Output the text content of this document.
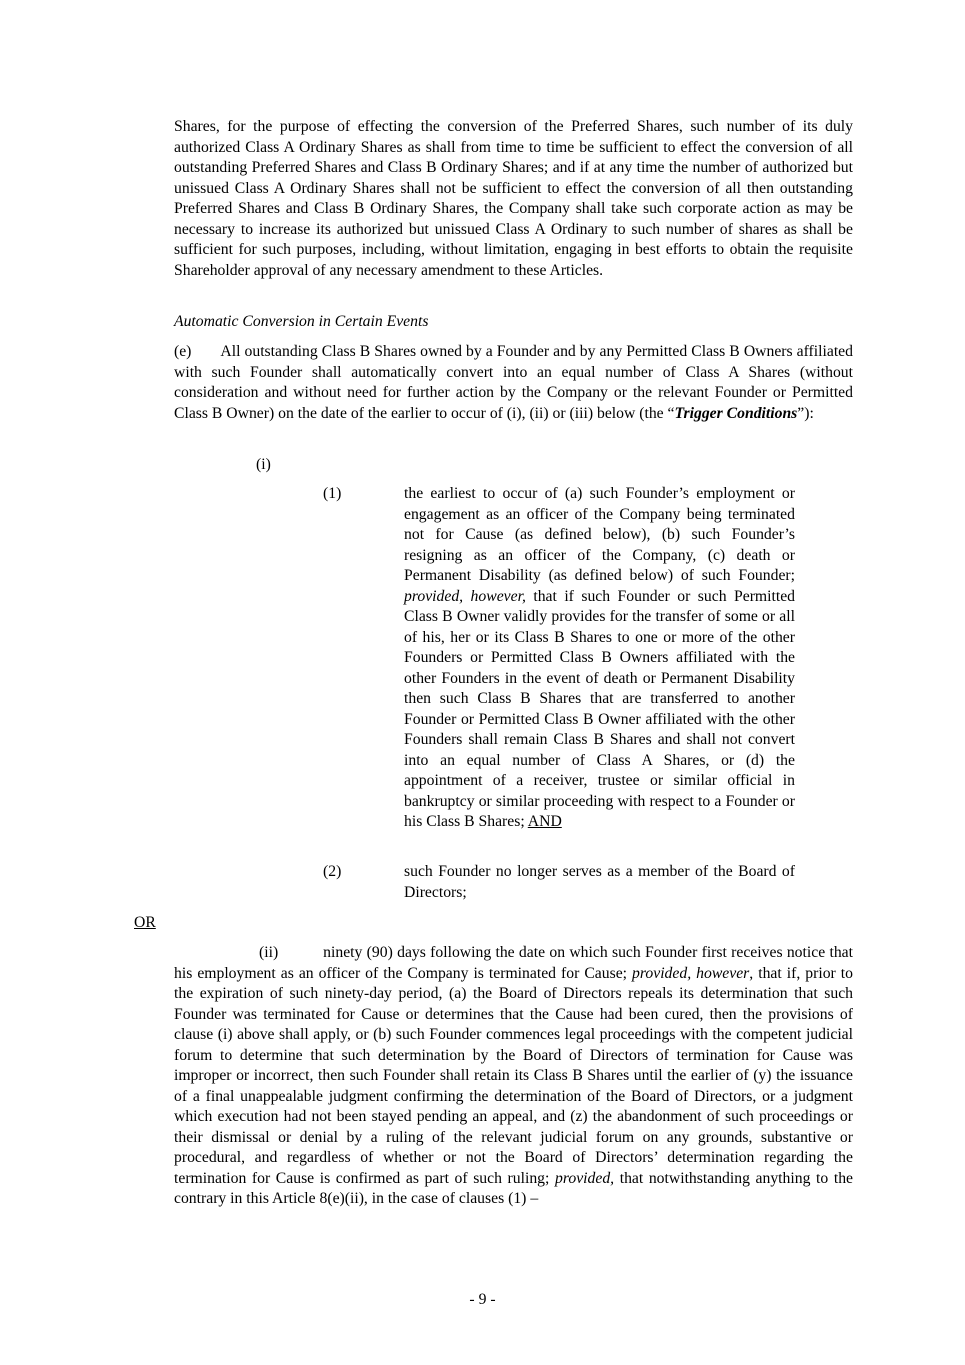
Shares, for the purpose of effecting the conversion of the Preferred Shares, such number of its duly authorized Class A Ordinary Shares as shall from time to time be sufficient to effect the conversion of all outstanding Preferred Shares and Class B Ordinary Shares; and if at any time the number of authorized but unissued Class A Ordinary Shares shall not be sufficient to effect the conversion of all then outstanding Preferred Shares and Class B Ordinary Shares, the Company shall take such corporate action as may be necessary to increase its authorized but unissued Class A Ordinary to such number of shares as shall be sufficient for such purposes, including, without limitation, engaging in best efforts to obtain the requisite Shareholder approval of any necessary amendment to these Articles.

Automatic Conversion in Certain Events

(e) All outstanding Class B Shares owned by a Founder and by any Permitted Class B Owners affiliated with such Founder shall automatically convert into an equal number of Class A Shares (without consideration and without need for further action by the Company or the relevant Founder or Permitted Class B Owner) on the date of the earlier to occur of (i), (ii) or (iii) below (the “Trigger Conditions”):

(i)
(1)	the earliest to occur of (a) such Founder’s employment or engagement as an officer of the Company being terminated not for Cause (as defined below), (b) such Founder’s resigning as an officer of the Company, (c) death or Permanent Disability (as defined below) of such Founder; provided, however, that if such Founder or such Permitted Class B Owner validly provides for the transfer of some or all of his, her or its Class B Shares to one or more of the other Founders or Permitted Class B Owners affiliated with the other Founders in the event of death or Permanent Disability then such Class B Shares that are transferred to another Founder or Permitted Class B Owner affiliated with the other Founders shall remain Class B Shares and shall not convert into an equal number of Class A Shares, or (d) the appointment of a receiver, trustee or similar official in bankruptcy or similar proceeding with respect to a Founder or his Class B Shares; AND

(2)	such Founder no longer serves as a member of the Board of Directors;

OR

(ii)	ninety (90) days following the date on which such Founder first receives notice that his employment as an officer of the Company is terminated for Cause; provided, however, that if, prior to the expiration of such ninety-day period, (a) the Board of Directors repeals its determination that such Founder was terminated for Cause or determines that the Cause had been cured, then the provisions of clause (i) above shall apply, or (b) such Founder commences legal proceedings with the competent judicial forum to determine that such determination by the Board of Directors of termination for Cause was improper or incorrect, then such Founder shall retain its Class B Shares until the earlier of (y) the issuance of a final unappealable judgment confirming the determination of the Board of Directors, or a judgment which execution had not been stayed pending an appeal, and (z) the abandonment of such proceedings or their dismissal or denial by a ruling of the relevant judicial forum on any grounds, substantive or procedural, and regardless of whether or not the Board of Directors’ determination regarding the termination for Cause is confirmed as part of such ruling; provided, that notwithstanding anything to the contrary in this Article 8(e)(ii), in the case of clauses (1) –

- 9 -
